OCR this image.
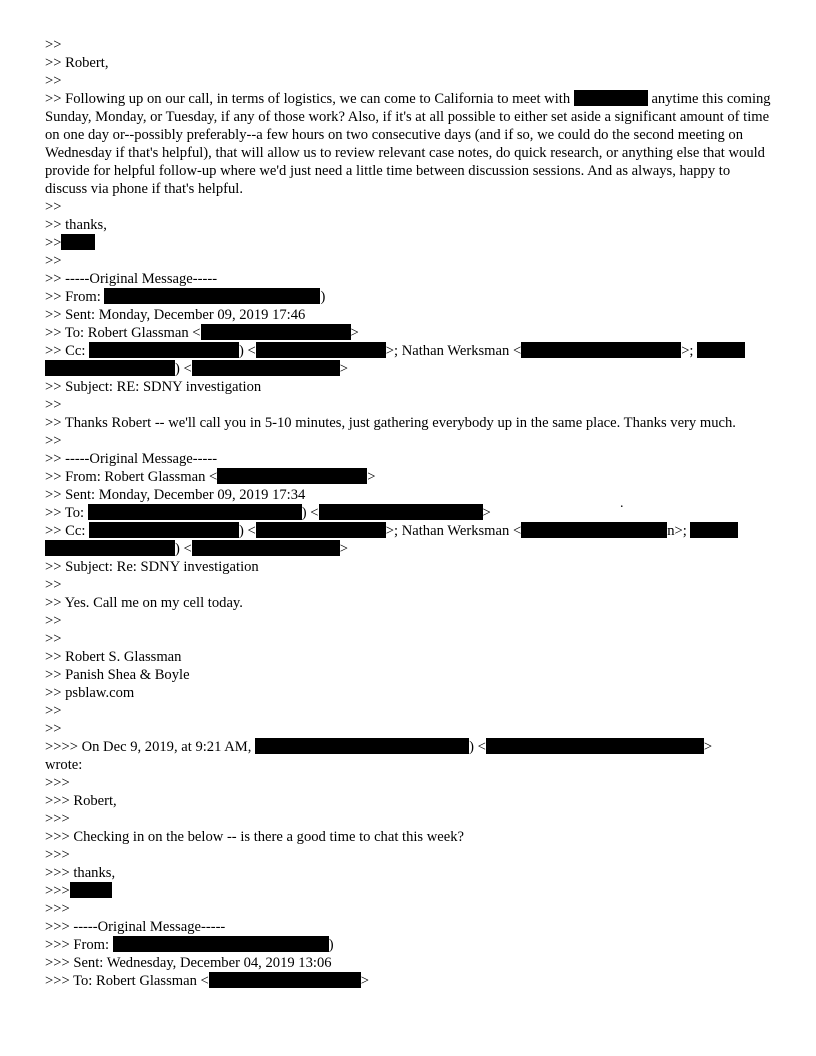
>>
>> Robert,
>>
>> Following up on our call, in terms of logistics, we can come to California to meet with	anytime this coming Sunday, Monday, or Tuesday, if any of those work? Also, if it's at all possible to either set aside a significant amount of time on one day or--possibly preferably--a few hours on two consecutive days (and if so, we could do the second meeting on Wednesday if that's helpful), that will allow us to review relevant case notes, do quick research, or anything else that would provide for helpful follow-up where we'd just need a little time between discussion sessions. And as always, happy to discuss via phone if that's helpful.
>>
>> thanks,
>>
>>
>> -----Original Message-----
>> From:	)
>> Sent: Monday, December 09, 2019 17:46
>> To: Robert Glassman <	>
>> Cc:	) <	>; Nathan Werksman <	>;
) <	>
>> Subject: RE: SDNY investigation
>>
>> Thanks Robert -- we'll call you in 5-10 minutes, just gathering everybody up in the same place. Thanks very much.
>>
>> -----Original Message-----
>> From: Robert Glassman <	>
>> Sent: Monday, December 09, 2019 17:34
>> To:	) <	>
>> Cc:	) <	>; Nathan Werksman <	n>;
) <	>
>> Subject: Re: SDNY investigation
>>
>> Yes. Call me on my cell today.
>>
>>
>> Robert S. Glassman
>> Panish Shea & Boyle
>> psblaw.com
>>
>>
>>>> On Dec 9, 2019, at 9:21 AM,	) <	>
wrote:
>>>
>>> Robert,
>>>
>>> Checking in on the below -- is there a good time to chat this week?
>>>
>>> thanks,
>>>
>>>
>>> -----Original Message-----
>>> From:	)
>>> Sent: Wednesday, December 04, 2019 13:06
>>> To: Robert Glassman <	>
.
